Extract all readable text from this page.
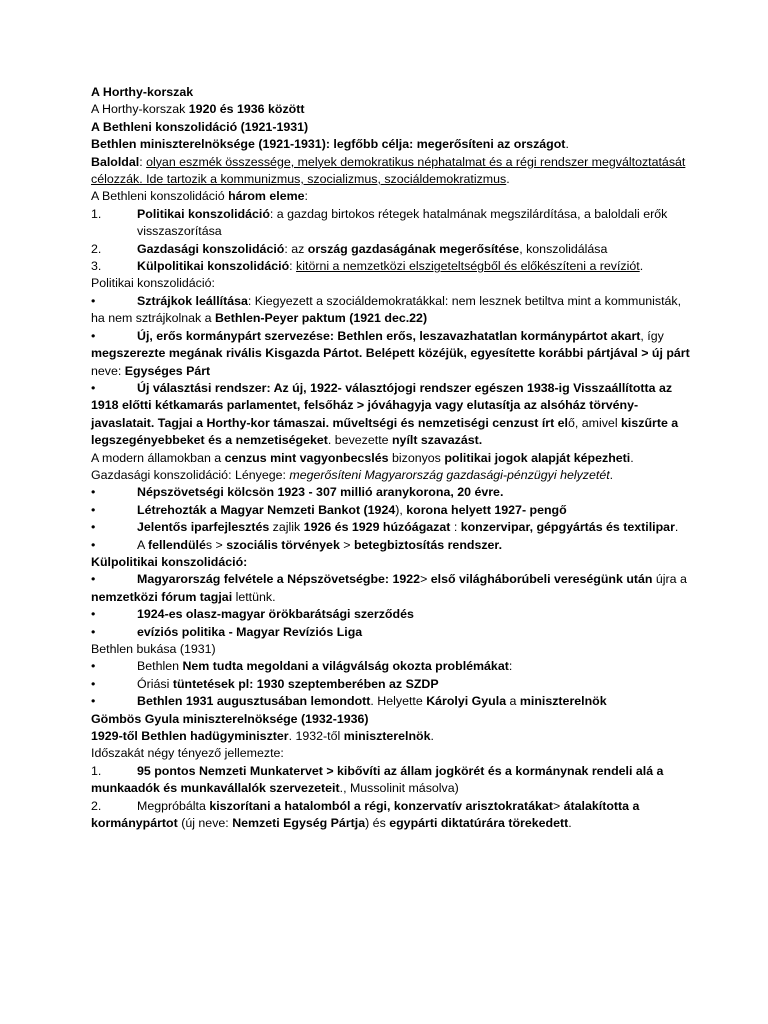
A Horthy-korszak
A Horthy-korszak 1920 és 1936 között
A Bethleni konszolidáció (1921-1931)
Bethlen miniszterelnöksége (1921-1931): legfőbb célja: megerősíteni az országot.
Baloldal: olyan eszmék összessége, melyek demokratikus néphatalmat és a régi rendszer megváltoztatását célozzák. Ide tartozik a kommunizmus, szocializmus, szociáldemokratizmus.
A Bethleni konszolidáció három eleme:
1.	Politikai konszolidáció: a gazdag birtokos rétegek hatalmának megszilárdítása, a baloldali erők visszaszorítása
2.	Gazdasági konszolidáció: az ország gazdaságának megerősítése, konszolidálása
3.	Külpolitikai konszolidáció: kitörni a nemzetközi elszigeteltségből és előkészíteni a revíziót.
Politikai konszolidáció:
•	Sztrájkok leállítása: Kiegyezett a szociáldemokratákkal: nem lesznek betiltva mint a kommunisták, ha nem sztrájkolnak a Bethlen-Peyer paktum (1921 dec.22)
•	Új, erős kormánypárt szervezése: Bethlen erős, leszavazhatatlan kormánypártot akart, így megszerezte megának rivális Kisgazda Pártot. Belépett közéjük, egyesítette korábbi pártjával > új párt neve: Egységes Párt
•	Új választási rendszer: Az új, 1922- választójogi rendszer egészen 1938-ig Visszaállította az 1918 előtti kétkamarás parlamentet, felsőház > jóváhagyja vagy elutasítja az alsóház törvény-javaslatait. Tagjai a Horthy-kor támaszai. műveltségi és nemzetiségi cenzust írt elő, amivel kiszűrte a legszegényebbeket és a nemzetiségeket. bevezette nyílt szavazást.
A modern államokban a cenzus mint vagyonbecslés bizonyos politikai jogok alapját képezheti.
Gazdasági konszolidáció: Lényege: megerősíteni Magyarország gazdasági-pénzügyi helyzetét.
•	Népszövetségi kölcsön 1923 - 307 millió aranykorona, 20 évre.
•	Létrehozták a Magyar Nemzeti Bankot (1924), korona helyett 1927- pengő
•	Jelentős iparfejlesztés zajlik 1926 és 1929 húzóágazat : konzervipar, gépgyártás és textilipar.
•	A fellendülés > szociális törvények > betegbiztosítás rendszer.
Külpolitikai konszolidáció:
•	Magyarország felvétele a Népszövetségbe: 1922> első világháborúbeli vereségünk után újra a nemzetközi fórum tagjai lettünk.
•	1924-es olasz-magyar örökbarátsági szerződés
•	evíziós politika - Magyar Revíziós Liga
Bethlen bukása (1931)
•	Bethlen Nem tudta megoldani a világválság okozta problémákat:
•	Óriási tüntetések pl: 1930 szeptemberében az SZDP
•	Bethlen 1931 augusztusában lemondott. Helyette Károlyi Gyula a miniszterelnök
Gömbös Gyula miniszterelnöksége (1932-1936)
1929-től Bethlen hadügyminiszter. 1932-től miniszterelnök.
Időszakát négy tényező jellemezte:
1.	95 pontos Nemzeti Munkatervet > kibővíti az állam jogkörét és a kormánynak rendeli alá a munkaadók és munkavállalók szervezeteit., Mussolinit másolva)
2.	Megpróbálta kiszorítani a hatalomból a régi, konzervatív arisztokratákat> átalakította a kormánypártot (új neve: Nemzeti Egység Pártja) és egypárti diktatúrára törekedett.
